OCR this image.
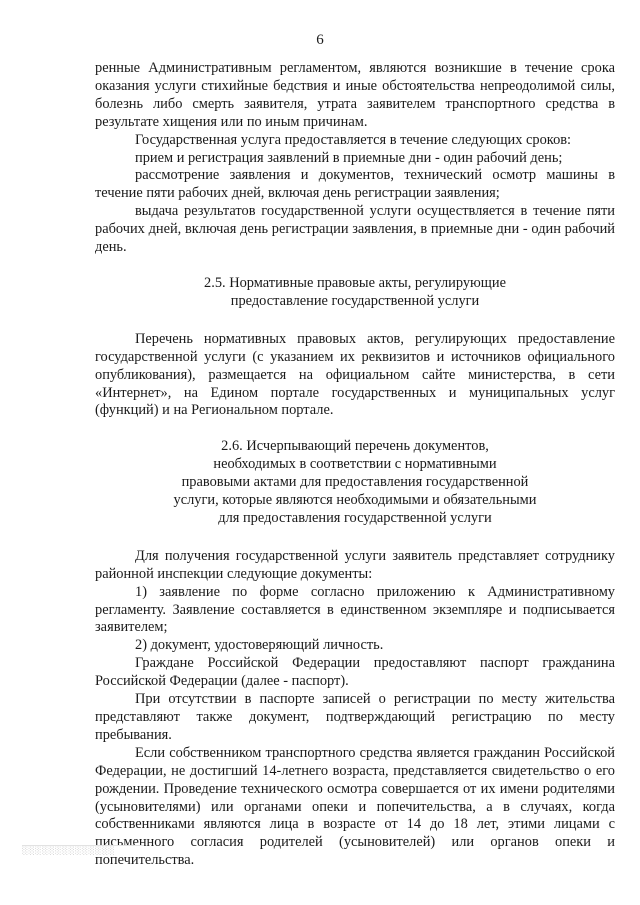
6

ренные Административным регламентом, являются возникшие в течение срока оказания услуги стихийные бедствия и иные обстоятельства непреодолимой силы, болезнь либо смерть заявителя, утрата заявителем транспортного средства в результате хищения или по иным причинам.

Государственная услуга предоставляется в течение следующих сроков:

прием и регистрация заявлений в приемные дни - один рабочий день;

рассмотрение заявления и документов, технический осмотр машины в течение пяти рабочих дней, включая день регистрации заявления;

выдача результатов государственной услуги осуществляется в течение пяти рабочих дней, включая день регистрации заявления, в приемные дни - один рабочий день.

2.5. Нормативные правовые акты, регулирующие

предоставление государственной услуги

Перечень нормативных правовых актов, регулирующих предоставление государственной услуги (с указанием их реквизитов и источников официального опубликования), размещается на официальном сайте министерства, в сети «Интернет», на Едином портале государственных и муниципальных услуг (функций) и на Региональном портале.

2.6. Исчерпывающий перечень документов,

необходимых в соответствии с нормативными

правовыми актами для предоставления государственной

услуги, которые являются необходимыми и обязательными

для предоставления государственной услуги

Для получения государственной услуги заявитель представляет сотруднику районной инспекции следующие документы:

1) заявление по форме согласно приложению к Административному регламенту. Заявление составляется в единственном экземпляре и подписывается заявителем;

2) документ, удостоверяющий личность.

Граждане Российской Федерации предоставляют паспорт гражданина Российской Федерации (далее - паспорт).

При отсутствии в паспорте записей о регистрации по месту жительства представляют также документ, подтверждающий регистрацию по месту пребывания.

Если собственником транспортного средства является гражданин Российской Федерации, не достигший 14-летнего возраста, представляется свидетельство о его рождении. Проведение технического осмотра совершается от их имени родителями (усыновителями) или органами опеки и попечительства, а в случаях, когда собственниками являются лица в возрасте от 14 до 18 лет, этими лицами с письменного согласия родителей (усыновителей) или органов опеки и попечительства.

░░░░░░░░░░░░░░
